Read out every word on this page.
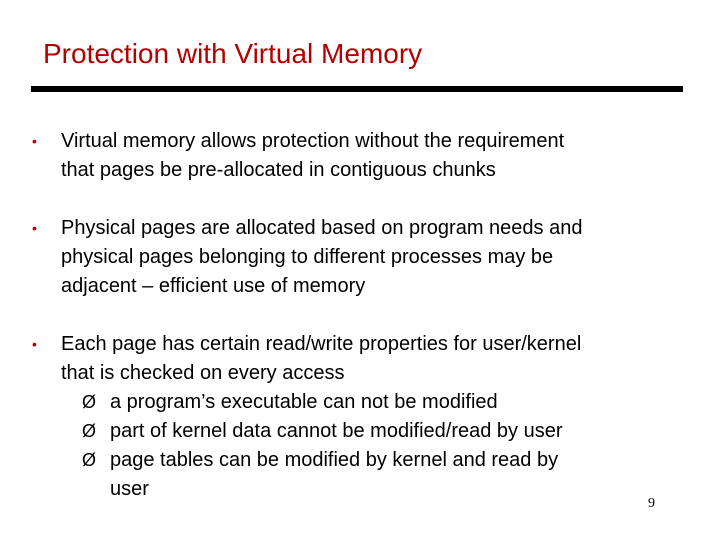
Protection with Virtual Memory
•	Virtual memory allows protection without the requirement
that pages be pre-allocated in contiguous chunks
•	Physical pages are allocated based on program needs and
physical pages belonging to different processes may be
adjacent – efficient use of memory
•	Each page has certain read/write properties for user/kernel
that is checked on every access
Ø a program’s executable can not be modified
Ø part of kernel data cannot be modified/read by user
Ø page tables can be modified by kernel and read by
user
9
